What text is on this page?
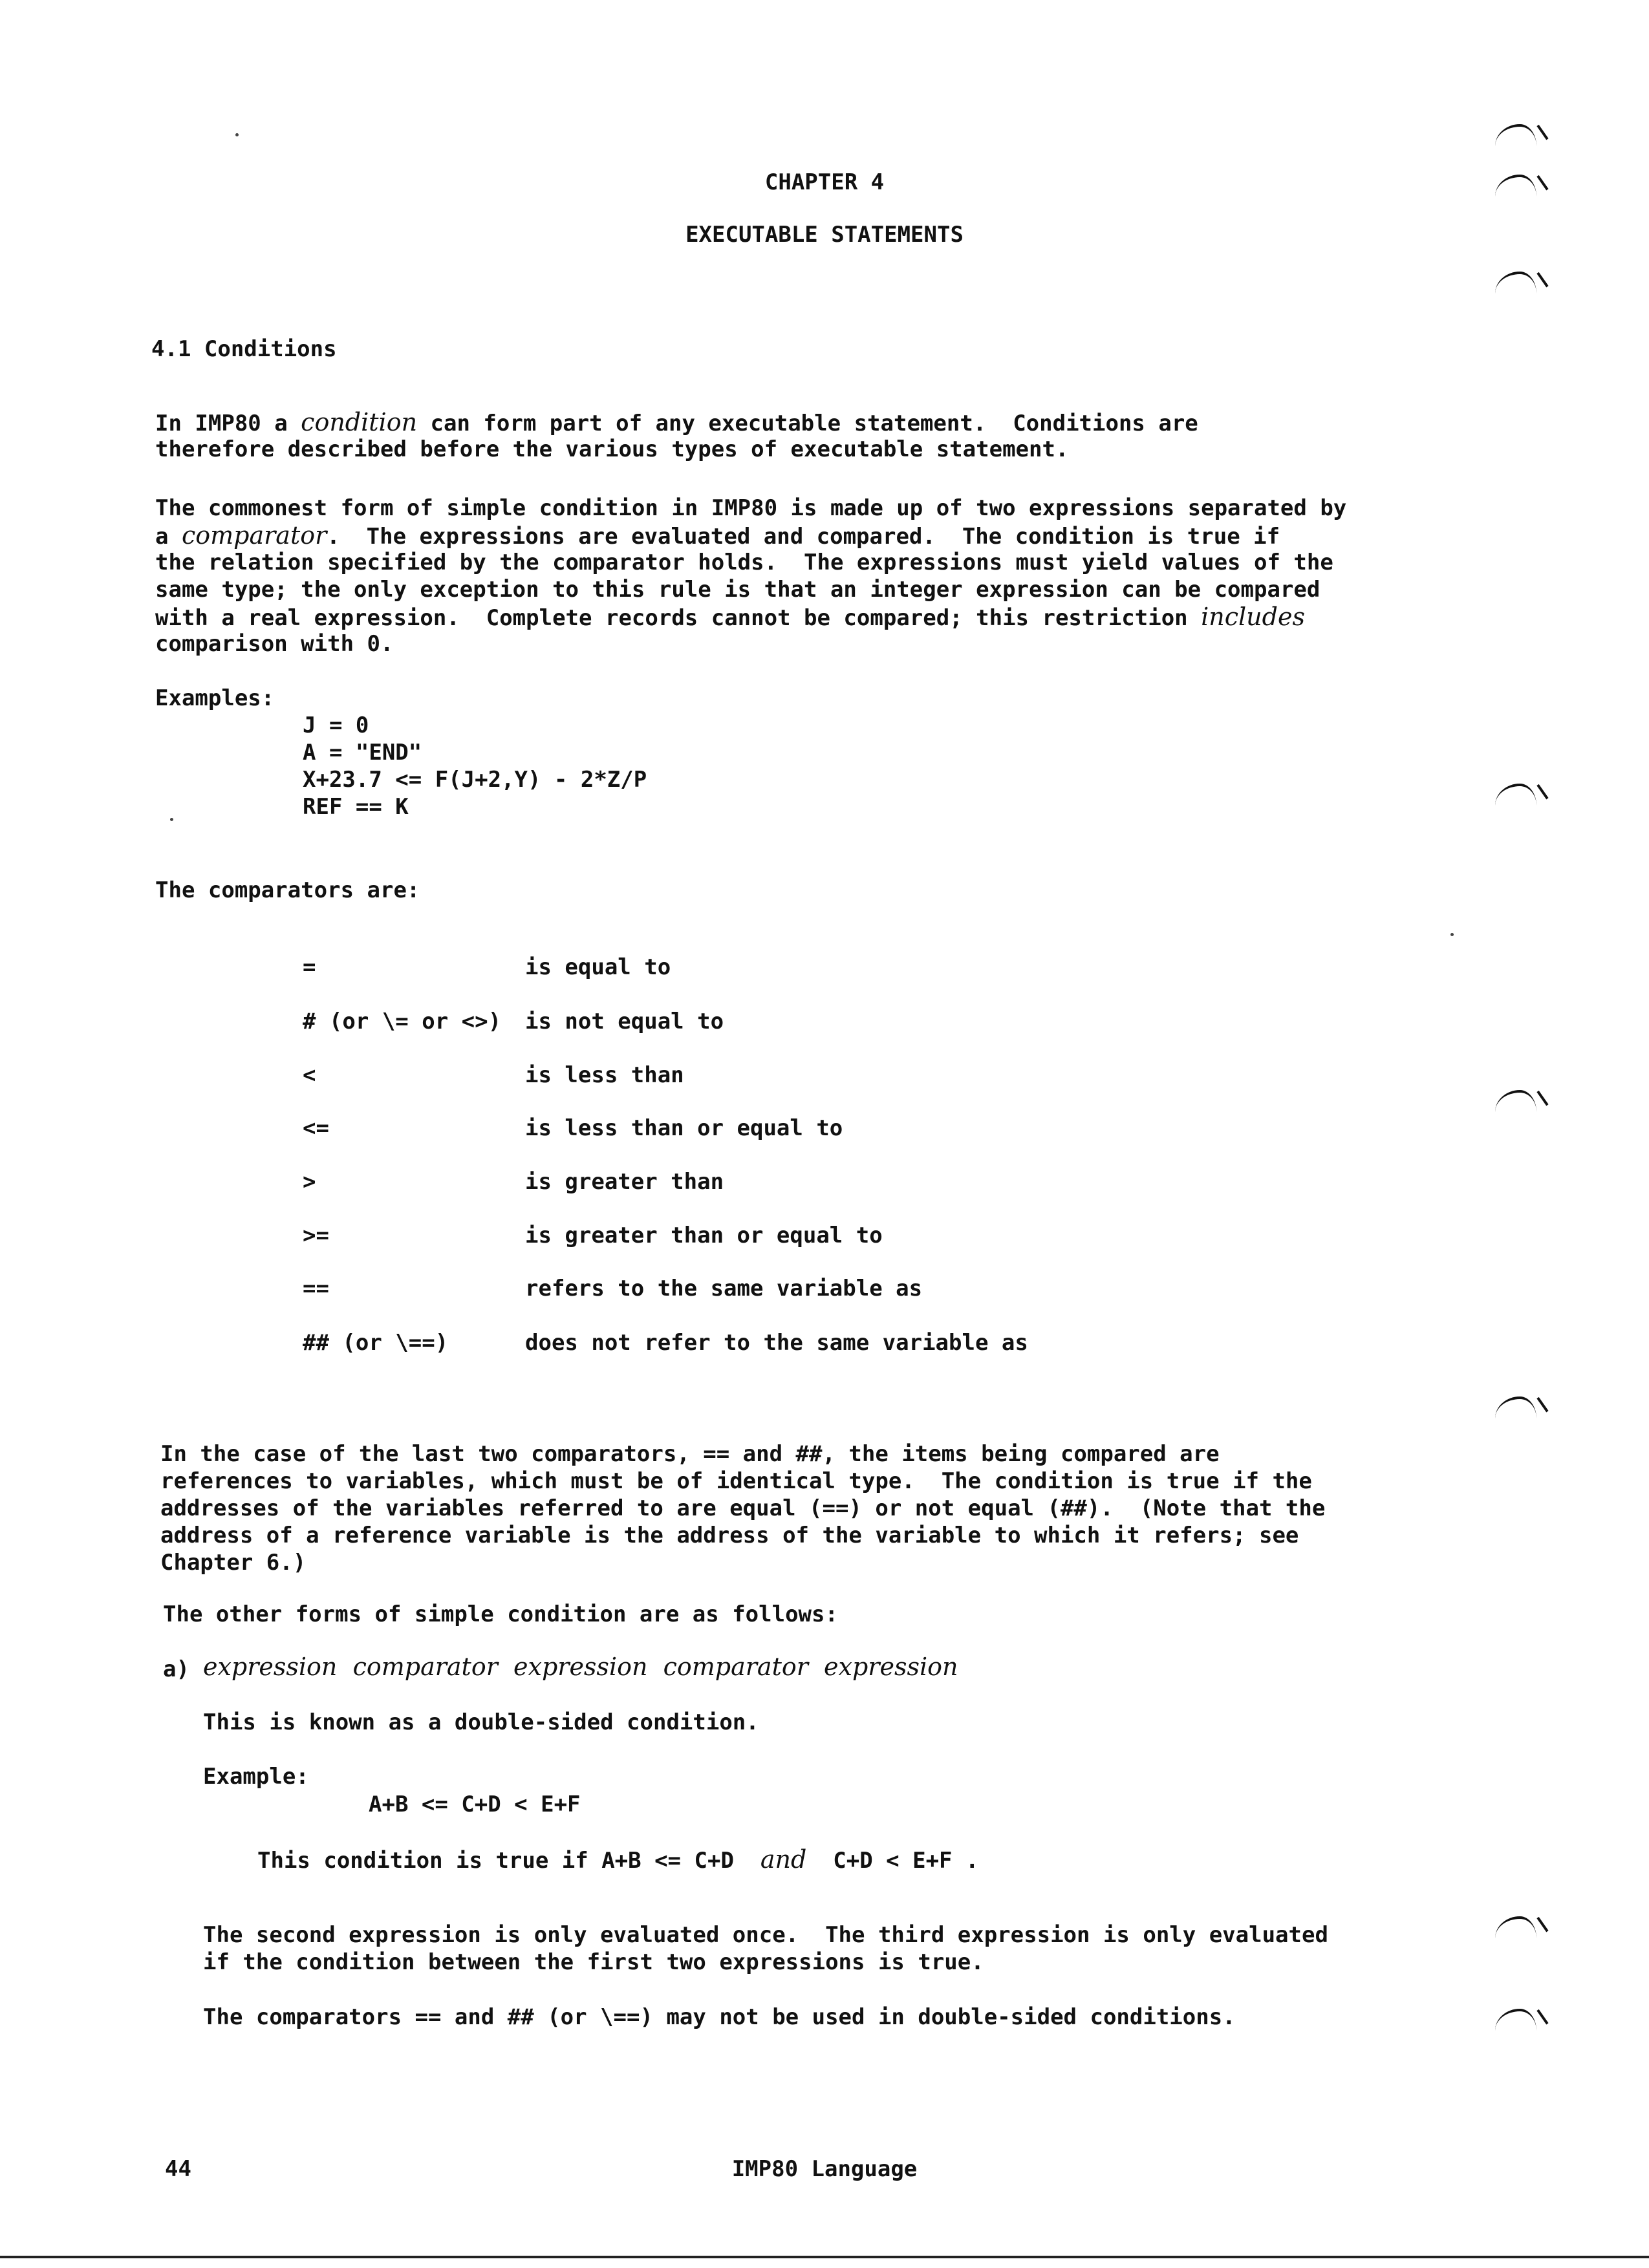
CHAPTER 4
EXECUTABLE STATEMENTS
4.1 Conditions
In IMP80 a condition can form part of any executable statement.  Conditions are
therefore described before the various types of executable statement.
The commonest form of simple condition in IMP80 is made up of two expressions separated by
a comparator.  The expressions are evaluated and compared.  The condition is true if
the relation specified by the comparator holds.  The expressions must yield values of the
same type; the only exception to this rule is that an integer expression can be compared
with a real expression.  Complete records cannot be compared; this restriction includes
comparison with 0.
Examples:
J = 0
A = "END"
X+23.7 <= F(J+2,Y) - 2*Z/P
REF == K
The comparators are:
=	is equal to
# (or \= or <>) is not equal to
<	is less than
<=	is less than or equal to
>	is greater than
>=	is greater than or equal to
==	refers to the same variable as
## (or \==)	does not refer to the same variable as
In the case of the last two comparators, == and ##, the items being compared are
references to variables, which must be of identical type.  The condition is true if the
addresses of the variables referred to are equal (==) or not equal (##).  (Note that the
address of a reference variable is the address of the variable to which it refers; see
Chapter 6.)
The other forms of simple condition are as follows:
a) expression  comparator  expression  comparator  expression
This is known as a double-sided condition.
Example:
A+B <= C+D < E+F
This condition is true if A+B <= C+D and C+D < E+F .
The second expression is only evaluated once.  The third expression is only evaluated
if the condition between the first two expressions is true.
The comparators == and ## (or \==) may not be used in double-sided conditions.
44	IMP80 Language
